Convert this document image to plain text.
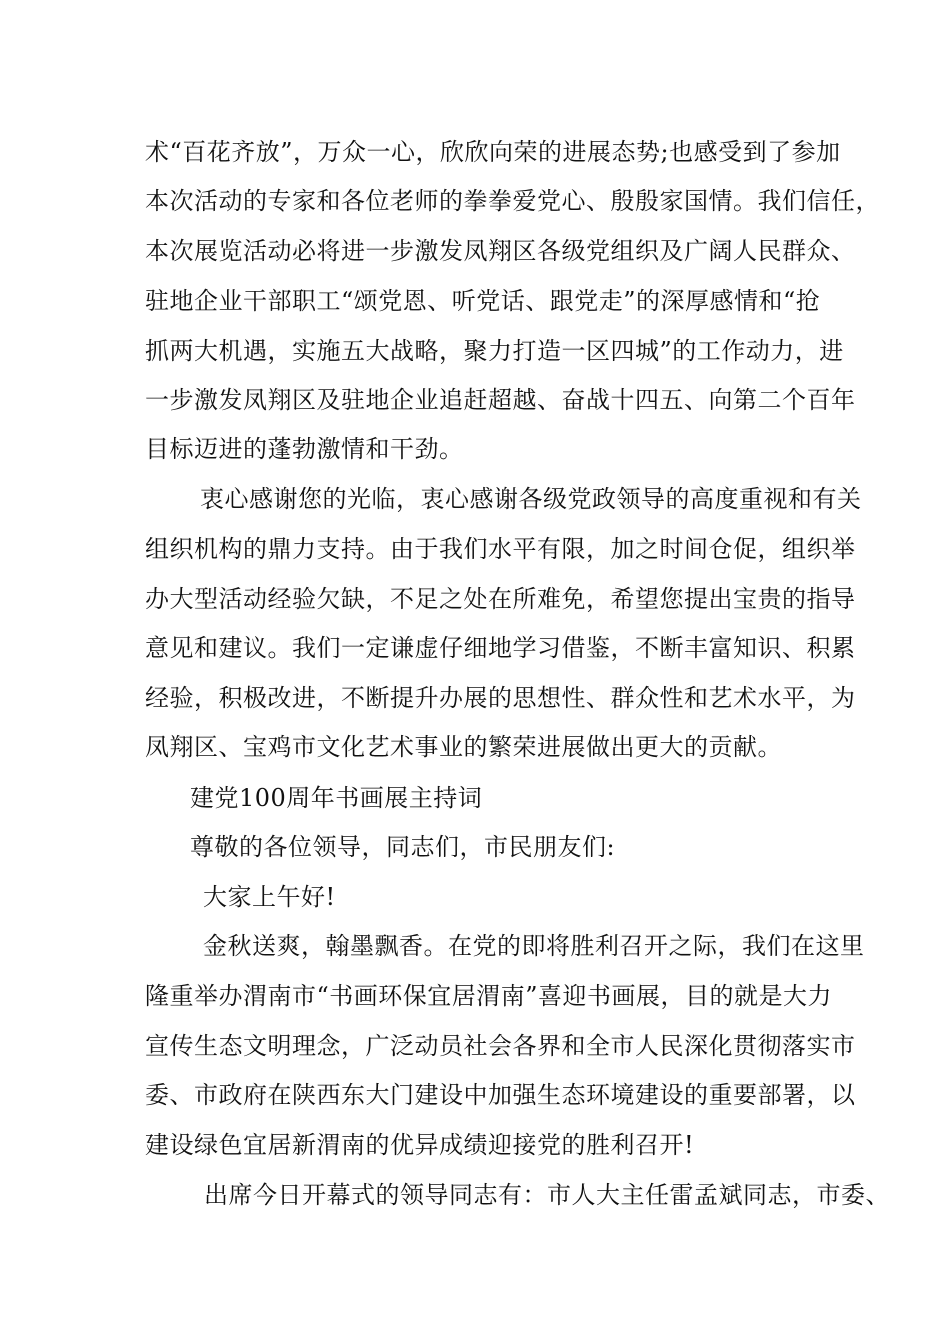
术“百花齐放”，万众一心，欣欣向荣的进展态势;也感受到了参加
本次活动的专家和各位老师的拳拳爱党心、殷殷家国情。我们信任，
本次展览活动必将进一步激发凤翔区各级党组织及广阔人民群众、
驻地企业干部职工“颂党恩、听党话、跟党走”的深厚感情和“抢
抓两大机遇，实施五大战略，聚力打造一区四城”的工作动力，进
一步激发凤翔区及驻地企业追赶超越、奋战十四五、向第二个百年
目标迈进的蓬勃激情和干劲。
衷心感谢您的光临，衷心感谢各级党政领导的高度重视和有关
组织机构的鼎力支持。由于我们水平有限，加之时间仓促，组织举
办大型活动经验欠缺，不足之处在所难免，希望您提出宝贵的指导
意见和建议。我们一定谦虚仔细地学习借鉴，不断丰富知识、积累
经验，积极改进，不断提升办展的思想性、群众性和艺术水平，为
凤翔区、宝鸡市文化艺术事业的繁荣进展做出更大的贡献。
建党100周年书画展主持词
尊敬的各位领导，同志们，市民朋友们:
大家上午好!
金秋送爽，翰墨飘香。在党的即将胜利召开之际，我们在这里
隆重举办渭南市“书画环保宜居渭南”喜迎书画展，目的就是大力
宣传生态文明理念，广泛动员社会各界和全市人民深化贯彻落实市
委、市政府在陕西东大门建设中加强生态环境建设的重要部署，以
建设绿色宜居新渭南的优异成绩迎接党的胜利召开!
出席今日开幕式的领导同志有：市人大主任雷孟斌同志，市委、
